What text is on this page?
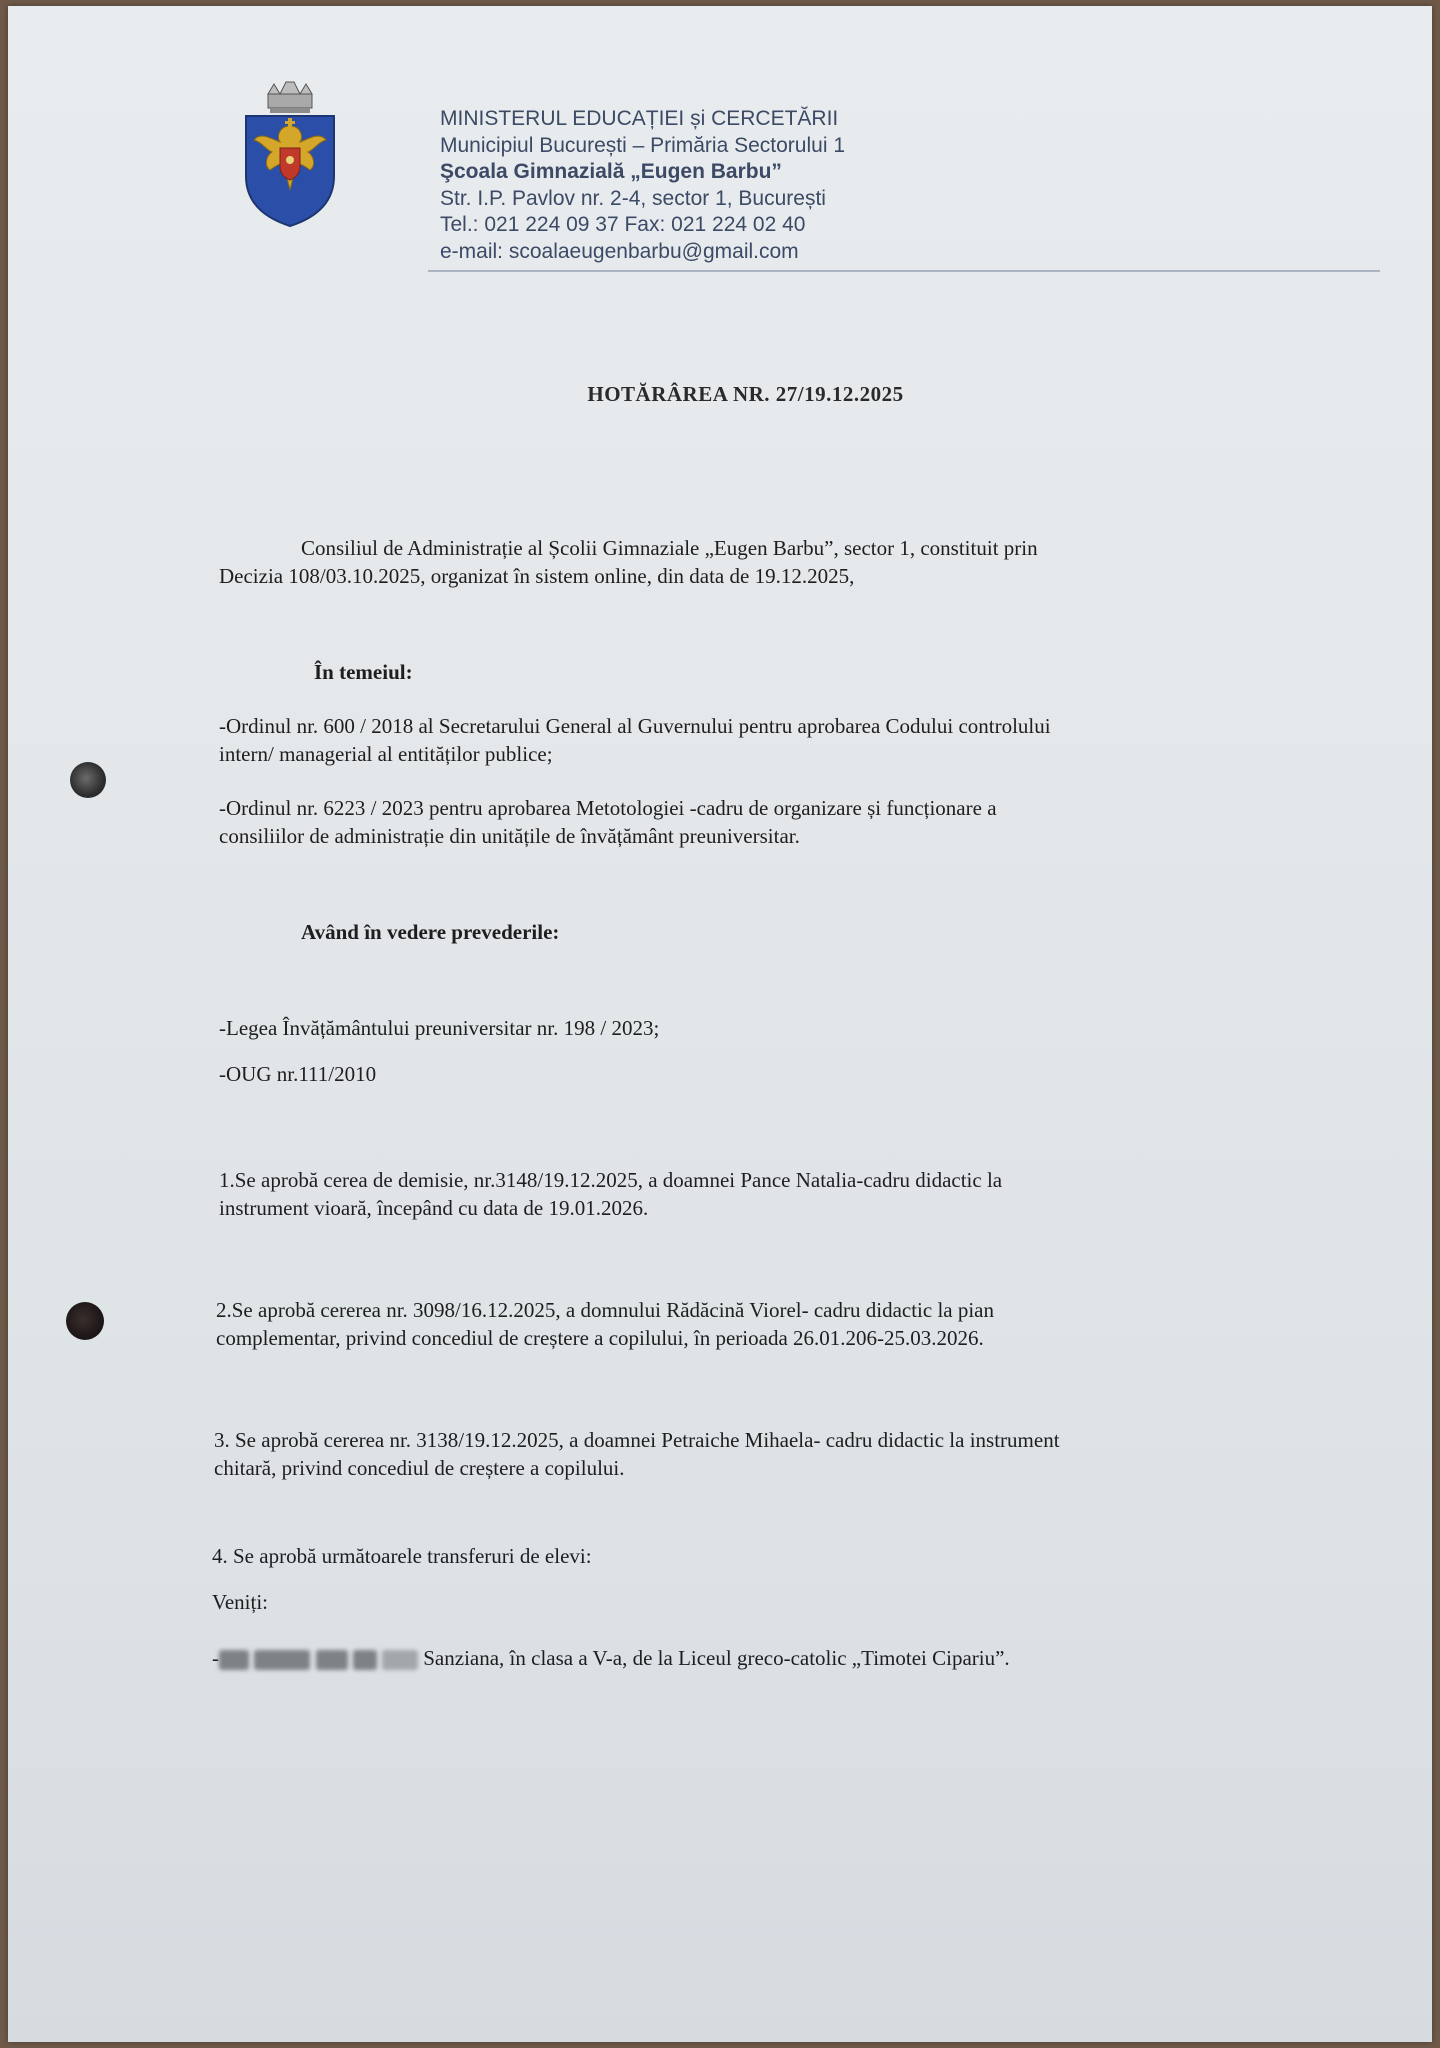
MINISTERUL EDUCAȚIEI și CERCETĂRII
Municipiul București – Primăria Sectorului 1
Şcoala Gimnazială „Eugen Barbu”
Str. I.P. Pavlov nr. 2-4, sector 1, București
Tel.: 021 224 09 37 Fax: 021 224 02 40
e-mail: scoalaeugenbarbu@gmail.com
HOTĂRÂREA NR. 27/19.12.2025
Consiliul de Administrație al Școlii Gimnaziale „Eugen Barbu”, sector 1, constituit prin
Decizia 108/03.10.2025, organizat în sistem online, din data de 19.12.2025,
În temeiul:
-Ordinul nr. 600 / 2018 al Secretarului General al Guvernului pentru aprobarea Codului controlului
intern/ managerial al entităților publice;
-Ordinul nr. 6223 / 2023 pentru aprobarea Metotologiei -cadru de organizare și funcționare a
consiliilor de administrație din unitățile de învățământ preuniversitar.
Având în vedere prevederile:
-Legea Învățământului preuniversitar nr. 198 / 2023;
-OUG nr.111/2010
1.Se aprobă cerea de demisie, nr.3148/19.12.2025, a doamnei Pance Natalia-cadru didactic la
instrument vioară, începând cu data de 19.01.2026.
2.Se aprobă cererea nr. 3098/16.12.2025, a domnului Rădăcină Viorel- cadru didactic la pian
complementar, privind concediul de creștere a copilului, în perioada 26.01.206-25.03.2026.
3. Se aprobă cererea nr. 3138/19.12.2025, a doamnei Petraiche Mihaela- cadru didactic la instrument
chitară, privind concediul de creștere a copilului.
4. Se aprobă următoarele transferuri de elevi:
Veniți:
-	Sanziana, în clasa a V-a, de la Liceul greco-catolic „Timotei Cipariu”.
